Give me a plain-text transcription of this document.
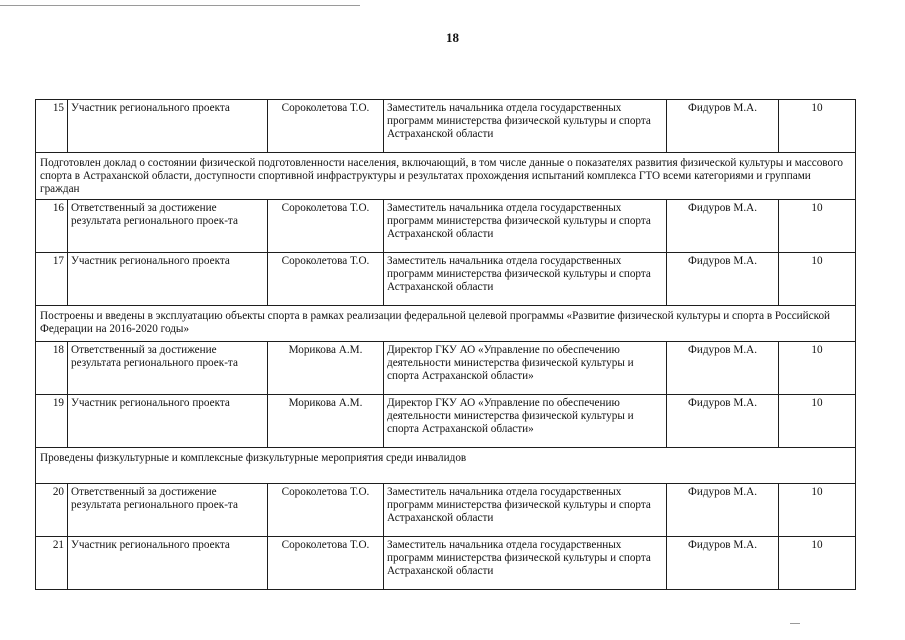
18
15	Участник регионального проекта	Сороколетова Т.О.	Заместитель начальника отдела государственных программ министерства физической культуры и спорта Астраханской области	Фидуров М.А.	10
Подготовлен доклад о состоянии физической подготовленности населения, включающий, в том числе данные о показателях развития физической культуры и массового спорта в Астраханской области, доступности спортивной инфраструктуры и результатах прохождения испытаний комплекса ГТО всеми категориями и группами граждан					
16	Ответственный за достижение результата регионального проек-та	Сороколетова Т.О.	Заместитель начальника отдела государственных программ министерства физической культуры и спорта Астраханской области	Фидуров М.А.	10
17	Участник регионального проекта	Сороколетова Т.О.	Заместитель начальника отдела государственных программ министерства физической культуры и спорта Астраханской области	Фидуров М.А.	10
Построены и введены в эксплуатацию объекты спорта в рамках реализации федеральной целевой программы «Развитие физической культуры и спорта в Российской Федерации на 2016-2020 годы»					
18	Ответственный за достижение результата регионального проек-та	Морикова А.М.	Директор ГКУ АО «Управление по обеспечению деятельности министерства физической культуры и спорта Астраханской области»	Фидуров М.А.	10
19	Участник регионального проекта	Морикова А.М.	Директор ГКУ АО «Управление по обеспечению деятельности министерства физической культуры и спорта Астраханской области»	Фидуров М.А.	10
Проведены физкультурные и комплексные физкультурные мероприятия среди инвалидов					
20	Ответственный за достижение результата регионального проек-та	Сороколетова Т.О.	Заместитель начальника отдела государственных программ министерства физической культуры и спорта Астраханской области	Фидуров М.А.	10
21	Участник регионального проекта	Сороколетова Т.О.	Заместитель начальника отдела государственных программ министерства физической культуры и спорта Астраханской области	Фидуров М.А.	10
